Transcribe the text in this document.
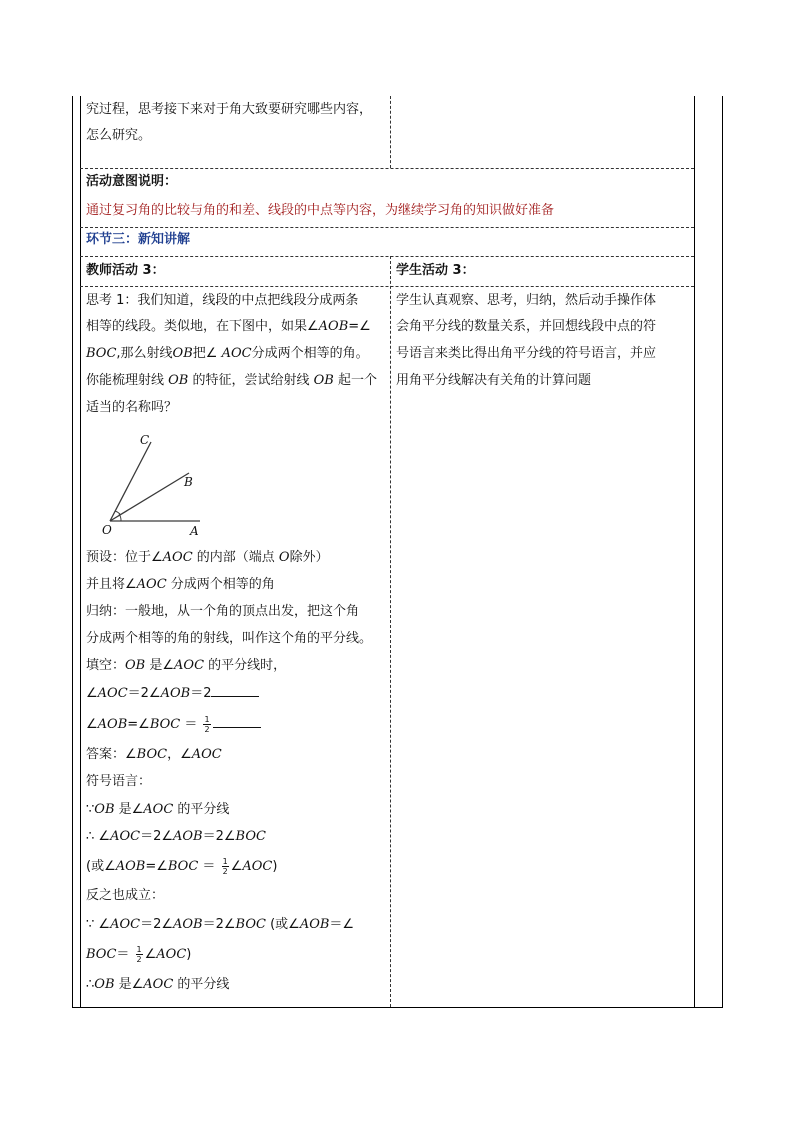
究过程，思考接下来对于角大致要研究哪些内容，
怎么研究。
活动意图说明：
通过复习角的比较与角的和差、线段的中点等内容，为继续学习角的知识做好准备
环节三：新知讲解
教师活动 3：	学生活动 3：
思考 1：我们知道，线段的中点把线段分成两条
相等的线段。类似地，在下图中，如果∠AOB=∠
BOC,那么射线OB把∠ AOC分成两个相等的角。
你能梳理射线 OB 的特征，尝试给射线 OB 起一个
适当的名称吗？
C
B
O	A
预设：位于∠AOC 的内部（端点 O除外）
并且将∠AOC 分成两个相等的角
归纳：一般地，从一个角的顶点出发，把这个角
分成两个相等的角的射线，叫作这个角的平分线。
填空：OB 是∠AOC 的平分线时，
∠AOC＝2∠AOB＝2
∠AOB=∠BOC ＝ $\frac{1}{2}$
答案：∠BOC，∠AOC
符号语言：
∵OB 是∠AOC 的平分线
∴ ∠AOC＝2∠AOB＝2∠BOC
(或∠AOB=∠BOC ＝ $\frac{1}{2}$ ∠AOC)
反之也成立：
∵ ∠AOC＝2∠AOB＝2∠BOC (或∠AOB＝∠
$BOC= \frac{1}{2}$ ∠AOC)
∴OB 是∠AOC 的平分线
学生认真观察、思考，归纳，然后动手操作体
会角平分线的数量关系，并回想线段中点的符
号语言来类比得出角平分线的符号语言，并应
用角平分线解决有关角的计算问题
